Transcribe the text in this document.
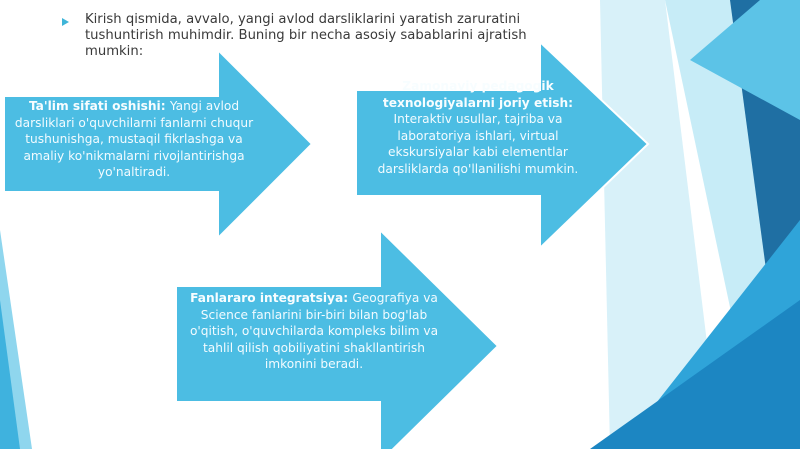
Kirish qismida, avvalo, yangi avlod darsliklarini yaratish zaruratini tushuntirish muhimdir. Buning bir necha asosiy sabablarini ajratish mumkin:
Ta'lim sifati oshishi: Yangi avlod darsliklari o'quvchilarni fanlarni chuqur tushunishga, mustaqil fikrlashga va amaliy ko'nikmalarni rivojlantirishga yo'naltiradi.
Zamonaviy pedagogik texnologiyalarni joriy etish: Interaktiv usullar, tajriba va laboratoriya ishlari, virtual ekskursiyalar kabi elementlar darsliklarda qo'llanilishi mumkin.
Fanlararo integratsiya: Geografiya va Science fanlarini bir-biri bilan bog'lab o'qitish, o'quvchilarda kompleks bilim va tahlil qilish qobiliyatini shakllantirish imkonini beradi.
